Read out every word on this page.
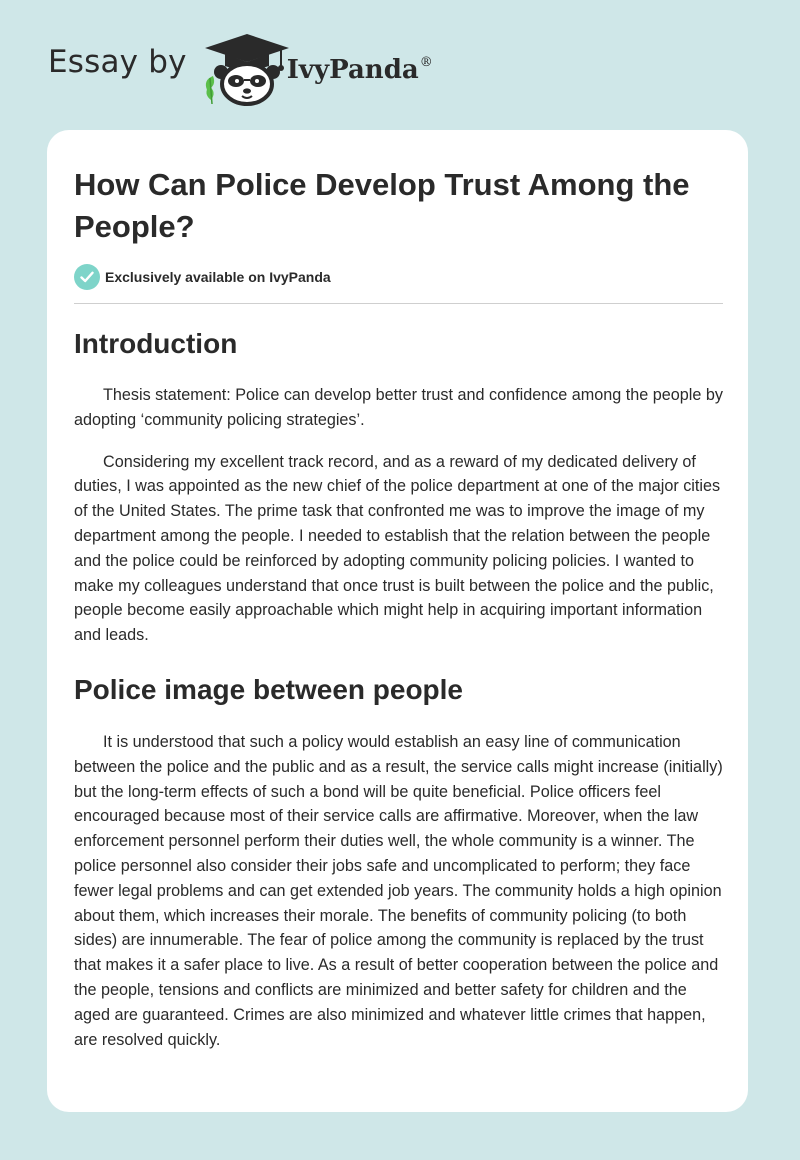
Essay by	IvyPanda®
How Can Police Develop Trust Among the People?
Exclusively available on IvyPanda
Introduction

Thesis statement: Police can develop better trust and confidence among the people by adopting ‘community policing strategies’.

Considering my excellent track record, and as a reward of my dedicated delivery of duties, I was appointed as the new chief of the police department at one of the major cities of the United States. The prime task that confronted me was to improve the image of my department among the people. I needed to establish that the relation between the people and the police could be reinforced by adopting community policing policies. I wanted to make my colleagues understand that once trust is built between the police and the public, people become easily approachable which might help in acquiring important information and leads.

Police image between people

It is understood that such a policy would establish an easy line of communication between the police and the public and as a result, the service calls might increase (initially) but the long-term effects of such a bond will be quite beneficial. Police officers feel encouraged because most of their service calls are affirmative. Moreover, when the law enforcement personnel perform their duties well, the whole community is a winner. The police personnel also consider their jobs safe and uncomplicated to perform; they face fewer legal problems and can get extended job years. The community holds a high opinion about them, which increases their morale. The benefits of community policing (to both sides) are innumerable. The fear of police among the community is replaced by the trust that makes it a safer place to live. As a result of better cooperation between the police and the people, tensions and conflicts are minimized and better safety for children and the aged are guaranteed. Crimes are also minimized and whatever little crimes that happen, are resolved quickly.
